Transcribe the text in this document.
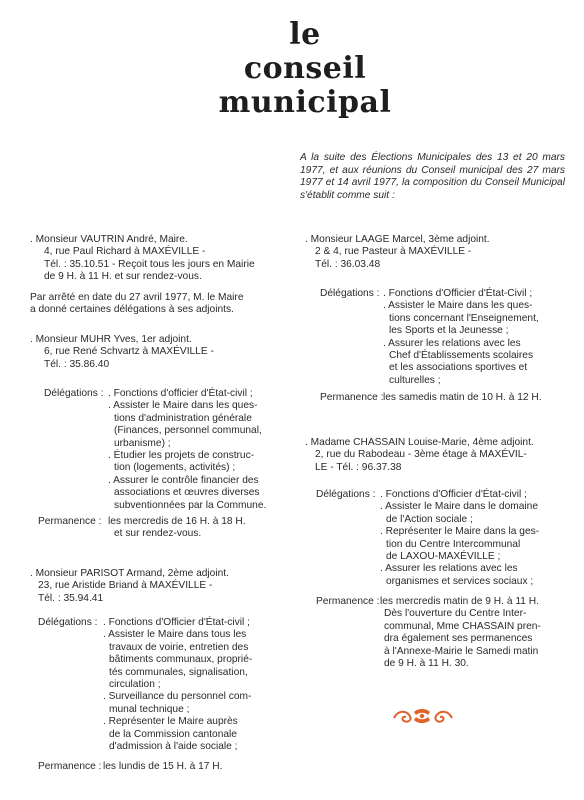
le
conseil
municipal
A la suite des Élections Municipales des 13 et 20 mars 1977, et aux réunions du Conseil municipal des 27 mars 1977 et 14 avril 1977, la composition du Conseil Municipal s'établit comme suit :
. Monsieur VAUTRIN André, Maire.
4, rue Paul Richard à MAXÉVILLE -
Tél. : 35.10.51 - Reçoit tous les jours en Mairie
de 9 H. à 11 H. et sur rendez-vous.
Par arrêté en date du 27 avril 1977, M. le Maire
a donné certaines délégations à ses adjoints.
. Monsieur MUHR Yves, 1er adjoint.
6, rue René Schvartz à MAXÉVILLE -
Tél. : 35.86.40
Délégations : . Fonctions d'officier d'État-civil ;
. Assister le Maire dans les ques-
tions d'administration générale
(Finances, personnel communal,
urbanisme) ;
. Étudier les projets de construc-
tion (logements, activités) ;
. Assurer le contrôle financier des
associations et œuvres diverses
subventionnées par la Commune.
Permanence : les mercredis de 16 H. à 18 H.
et sur rendez-vous.
. Monsieur PARISOT Armand, 2ème adjoint.
23, rue Aristide Briand à MAXÉVILLE -
Tél. : 35.94.41
Délégations : . Fonctions d'Officier d'État-civil ;
. Assister le Maire dans tous les
travaux de voirie, entretien des
bâtiments communaux, proprié-
tés communales, signalisation,
circulation ;
. Surveillance du personnel com-
munal technique ;
. Représenter le Maire auprès
de la Commission cantonale
d'admission à l'aide sociale ;
Permanence : les lundis de 15 H. à 17 H.
. Monsieur LAAGE Marcel, 3ème adjoint.
2 & 4, rue Pasteur à MAXÉVILLE -
Tél. : 36.03.48
Délégations : . Fonctions d'Officier d'État-Civil ;
. Assister le Maire dans les ques-
tions concernant l'Enseignement,
les Sports et la Jeunesse ;
. Assurer les relations avec les
Chef d'Établissements scolaires
et les associations sportives et
culturelles ;
Permanence : les samedis matin de 10 H. à 12 H.
. Madame CHASSAIN Louise-Marie, 4ème adjoint.
2, rue du Rabodeau - 3ème étage à MAXÉVIL-
LE - Tél. : 96.37.38
Délégations : . Fonctions d'Officier d'État-civil ;
. Assister le Maire dans le domaine
de l'Action sociale ;
. Représenter le Maire dans la ges-
tion du Centre Intercommunal
de LAXOU-MAXÉVILLE ;
. Assurer les relations avec les
organismes et services sociaux ;
Permanence : les mercredis matin de 9 H. à 11 H.
Dès l'ouverture du Centre Inter-
communal, Mme CHASSAIN pren-
dra également ses permanences
à l'Annexe-Mairie le Samedi matin
de 9 H. à 11 H. 30.
